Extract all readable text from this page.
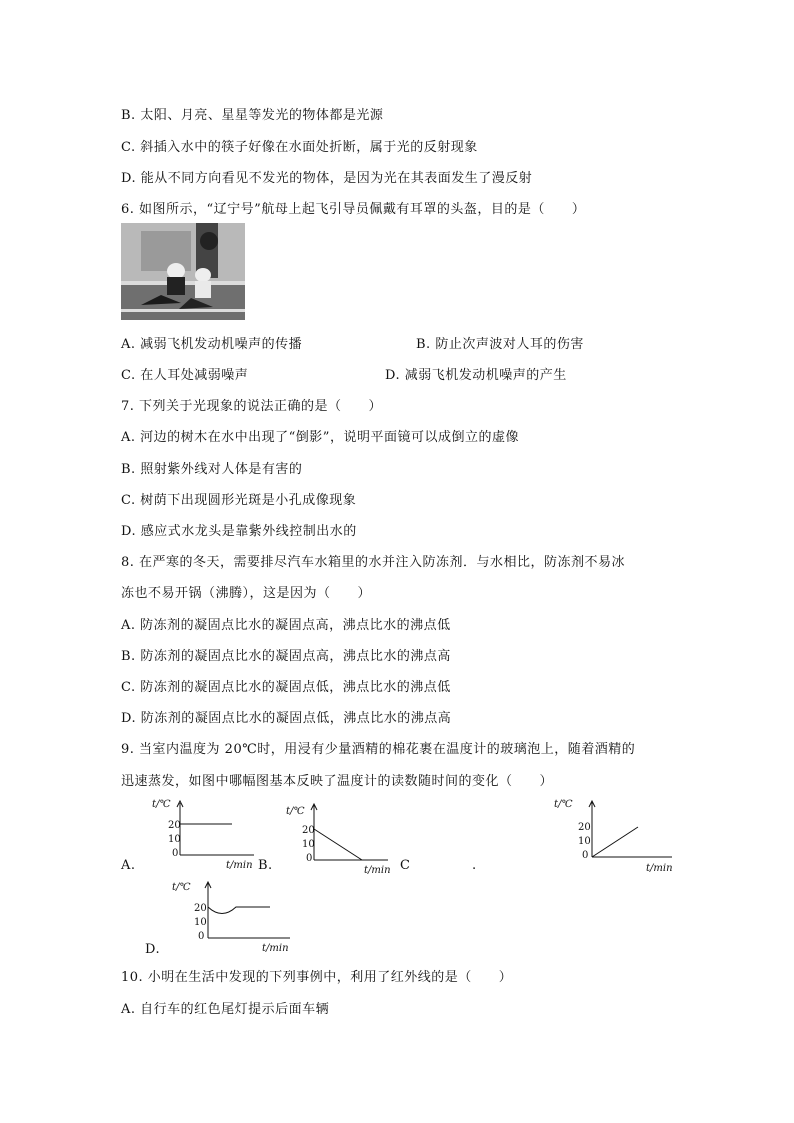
B. 太阳、月亮、星星等发光的物体都是光源
C. 斜插入水中的筷子好像在水面处折断，属于光的反射现象
D. 能从不同方向看见不发光的物体，是因为光在其表面发生了漫反射
6. 如图所示，“辽宁号”航母上起飞引导员佩戴有耳罩的头盔，目的是（　　）
A. 减弱飞机发动机噪声的传播	B. 防止次声波对人耳的伤害
C. 在人耳处减弱噪声	D. 减弱飞机发动机噪声的产生
7. 下列关于光现象的说法正确的是（　　）
A. 河边的树木在水中出现了“倒影”，说明平面镜可以成倒立的虚像
B. 照射紫外线对人体是有害的
C. 树荫下出现圆形光斑是小孔成像现象
D. 感应式水龙头是靠紫外线控制出水的
8. 在严寒的冬天，需要排尽汽车水箱里的水并注入防冻剂．与水相比，防冻剂不易冰
冻也不易开锅（沸腾），这是因为（　　）
A. 防冻剂的凝固点比水的凝固点高，沸点比水的沸点低
B. 防冻剂的凝固点比水的凝固点高，沸点比水的沸点高
C. 防冻剂的凝固点比水的凝固点低，沸点比水的沸点低
D. 防冻剂的凝固点比水的凝固点低，沸点比水的沸点高
9. 当室内温度为 20℃时，用浸有少量酒精的棉花裹在温度计的玻璃泡上，随着酒精的
迅速蒸发，如图中哪幅图基本反映了温度计的读数随时间的变化（　　）
t/℃
20
10
0
t/min
A.
t/℃
20
10
0
t/min
B.	C	.
t/℃
20
10
0
t/min
t/℃
20
10
0
t/min
D.
10. 小明在生活中发现的下列事例中，利用了红外线的是（　　）
A. 自行车的红色尾灯提示后面车辆
